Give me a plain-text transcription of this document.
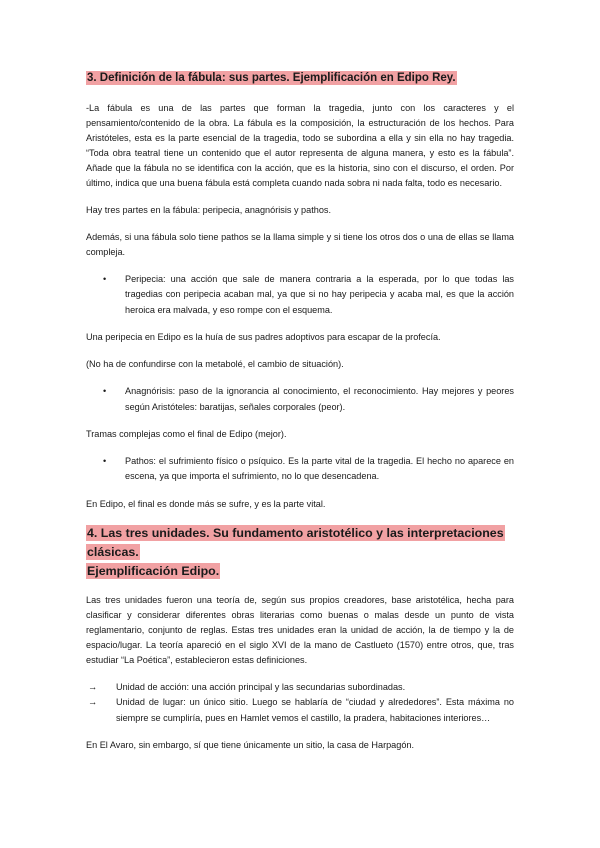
3. Definición de la fábula: sus partes. Ejemplificación en Edipo Rey.

-La fábula es una de las partes que forman la tragedia, junto con los caracteres y el pensamiento/contenido de la obra. La fábula es la composición, la estructuración de los hechos. Para Aristóteles, esta es la parte esencial de la tragedia, todo se subordina a ella y sin ella no hay tragedia. “Toda obra teatral tiene un contenido que el autor representa de alguna manera, y esto es la fábula”. Añade que la fábula no se identifica con la acción, que es la historia, sino con el discurso, el orden. Por último, indica que una buena fábula está completa cuando nada sobra ni nada falta, todo es necesario.

Hay tres partes en la fábula: peripecia, anagnórisis y pathos.

Además, si una fábula solo tiene pathos se la llama simple y si tiene los otros dos o una de ellas se llama compleja.

• Peripecia: una acción que sale de manera contraria a la esperada, por lo que todas las tragedias con peripecia acaban mal, ya que si no hay peripecia y acaba mal, es que la acción heroica era malvada, y eso rompe con el esquema.

Una peripecia en Edipo es la huía de sus padres adoptivos para escapar de la profecía.

(No ha de confundirse con la metabolé, el cambio de situación).

• Anagnórisis: paso de la ignorancia al conocimiento, el reconocimiento. Hay mejores y peores según Aristóteles: baratijas, señales corporales (peor).

Tramas complejas como el final de Edipo (mejor).

• Pathos: el sufrimiento físico o psíquico. Es la parte vital de la tragedia. El hecho no aparece en escena, ya que importa el sufrimiento, no lo que desencadena.

En Edipo, el final es donde más se sufre, y es la parte vital.

4. Las tres unidades. Su fundamento aristotélico y las interpretaciones clásicas.
Ejemplificación Edipo.

Las tres unidades fueron una teoría de, según sus propios creadores, base aristotélica, hecha para clasificar y considerar diferentes obras literarias como buenas o malas desde un punto de vista reglamentario, conjunto de reglas. Estas tres unidades eran la unidad de acción, la de tiempo y la de espacio/lugar. La teoría apareció en el siglo XVI de la mano de Castlueto (1570) entre otros, que, tras estudiar “La Poética”, establecieron estas definiciones.

→ Unidad de acción: una acción principal y las secundarias subordinadas.
→ Unidad de lugar: un único sitio. Luego se hablaría de “ciudad y alrededores”. Esta máxima no siempre se cumpliría, pues en Hamlet vemos el castillo, la pradera, habitaciones interiores…

En El Avaro, sin embargo, sí que tiene únicamente un sitio, la casa de Harpagón.
